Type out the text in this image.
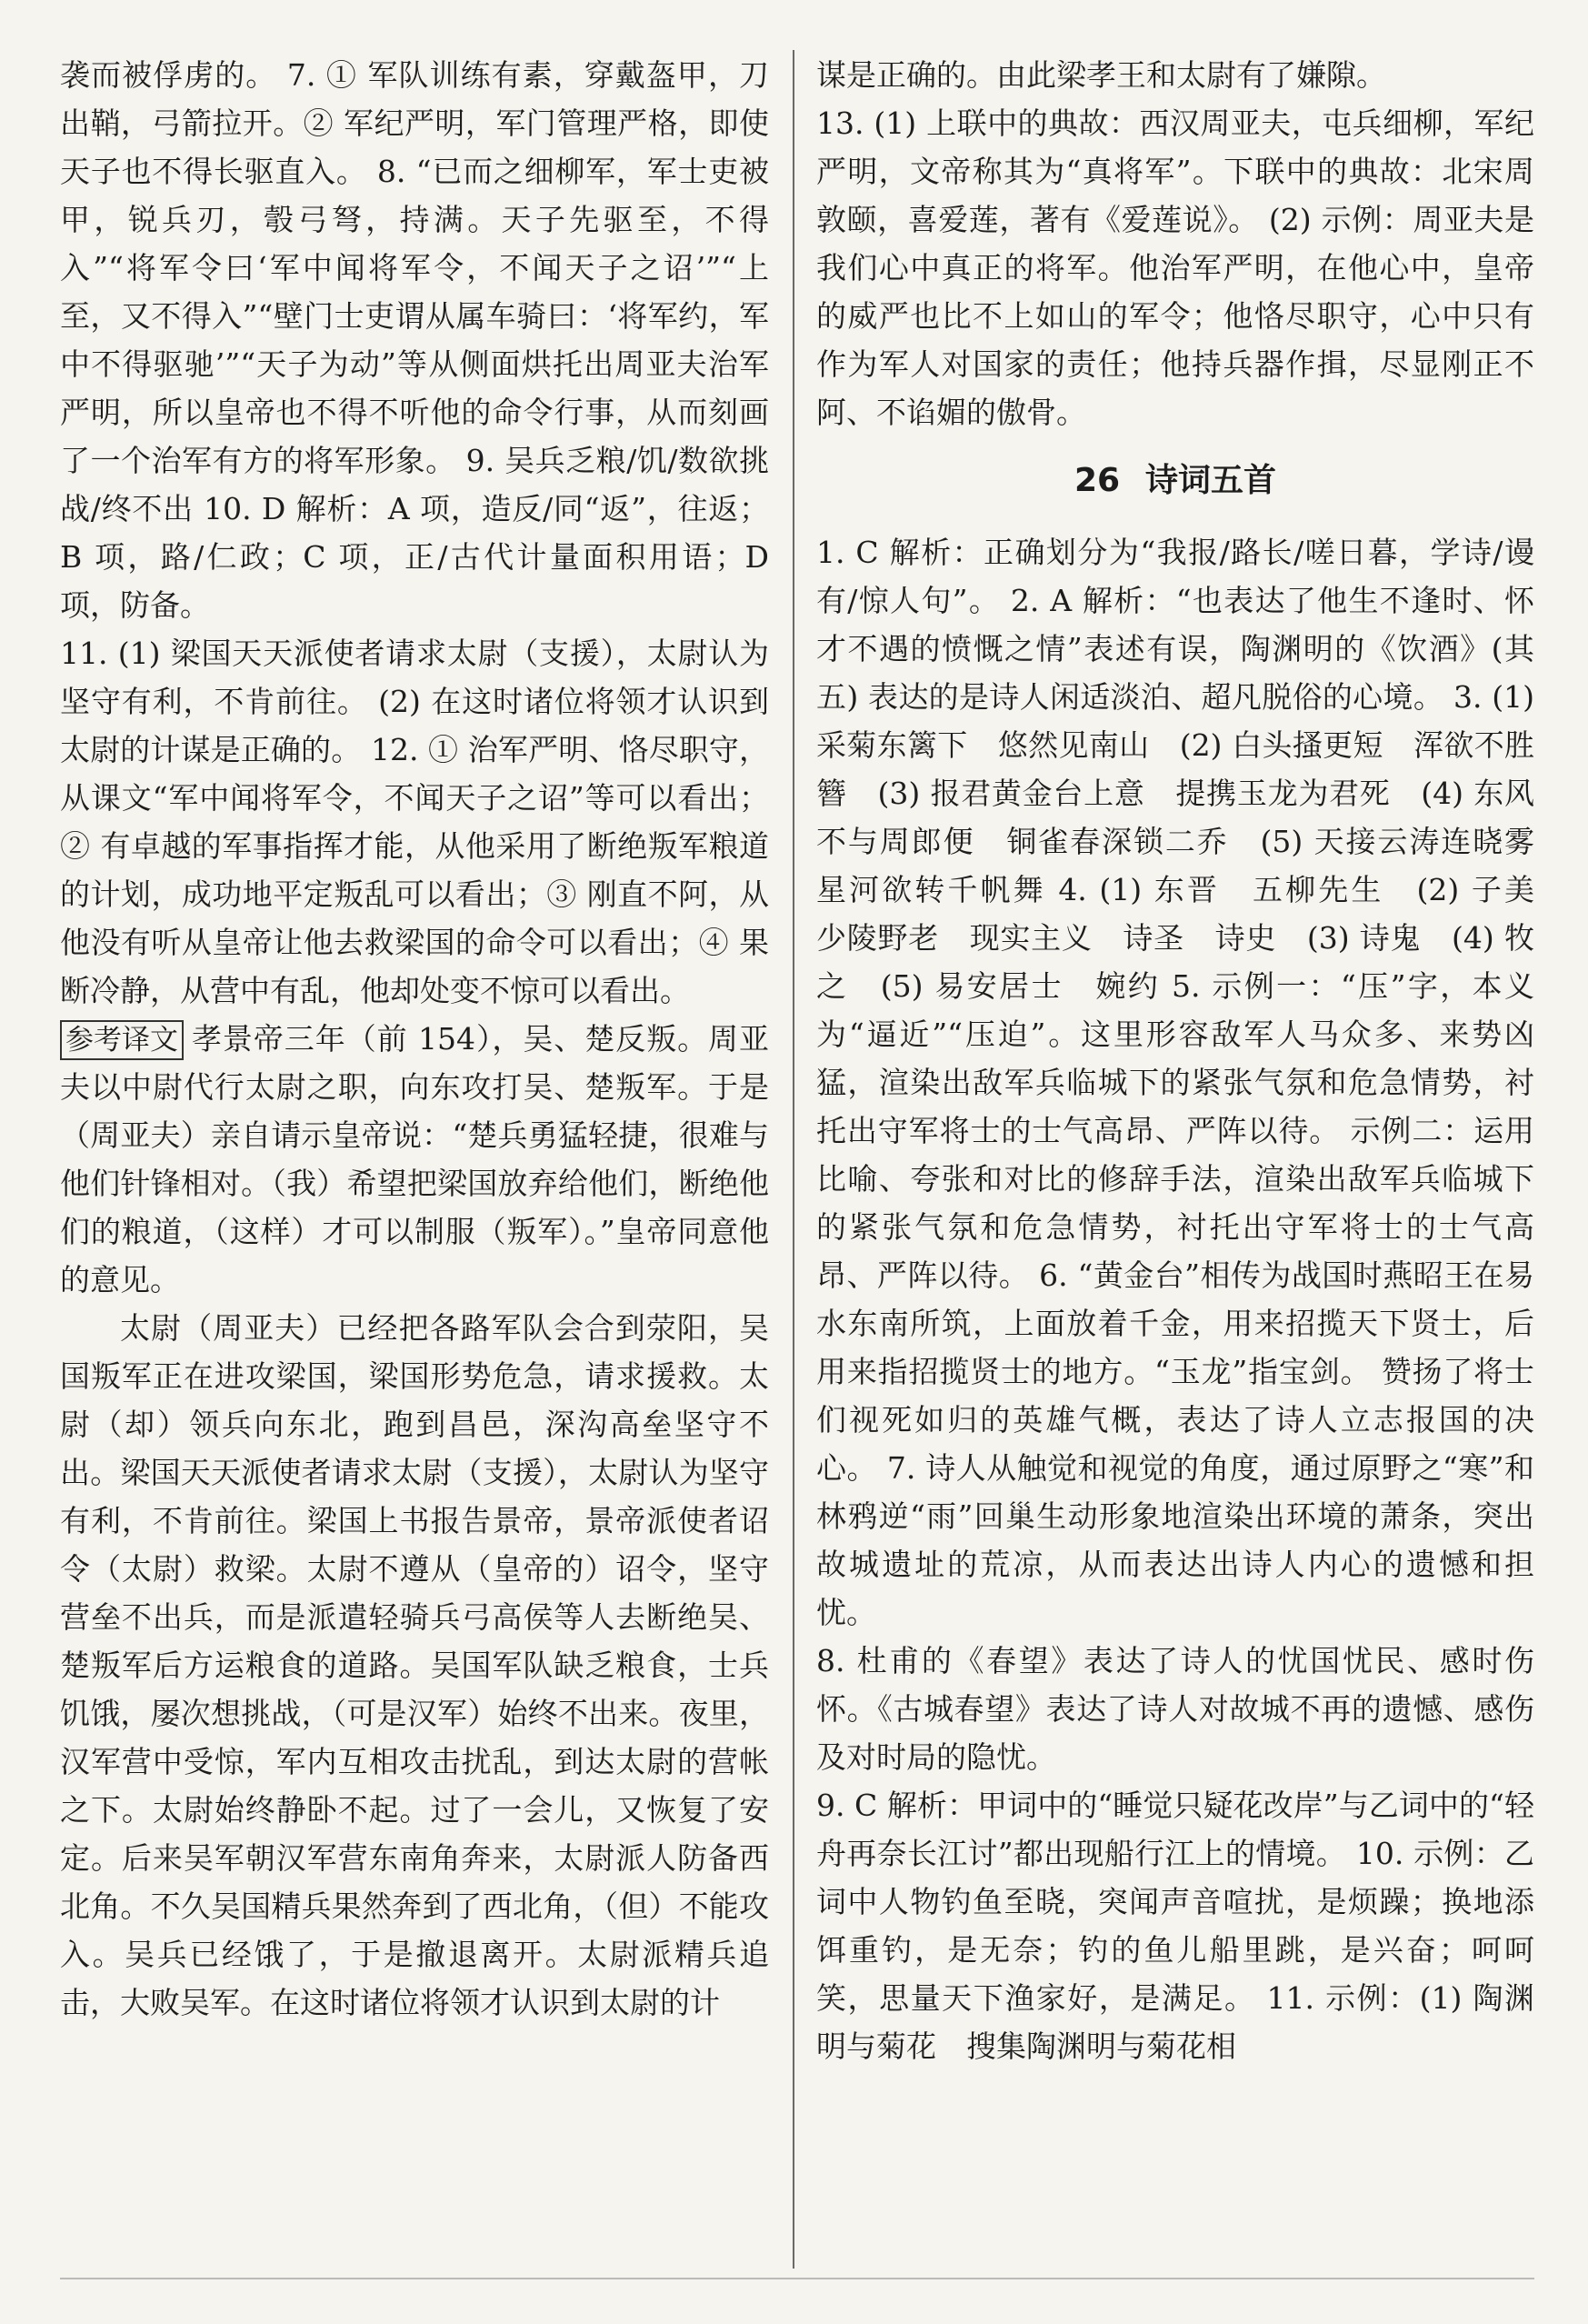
袭而被俘虏的。 7. ① 军队训练有素，穿戴盔甲，刀出鞘，弓箭拉开。② 军纪严明，军门管理严格，即使天子也不得长驱直入。 8. “已而之细柳军，军士吏被甲，锐兵刃，彀弓弩，持满。天子先驱至，不得入”“将军令曰‘军中闻将军令，不闻天子之诏’”“上至，又不得入”“壁门士吏谓从属车骑曰：‘将军约，军中不得驱驰’”“天子为动”等从侧面烘托出周亚夫治军严明，所以皇帝也不得不听他的命令行事，从而刻画了一个治军有方的将军形象。 9. 吴兵乏粮/饥/数欲挑战/终不出 10. D 解析：A 项，造反/同“返”，往返；B 项，路/仁政；C 项，正/古代计量面积用语；D 项，防备。

11. (1) 梁国天天派使者请求太尉（支援），太尉认为坚守有利，不肯前往。 (2) 在这时诸位将领才认识到太尉的计谋是正确的。 12. ① 治军严明、恪尽职守，从课文“军中闻将军令，不闻天子之诏”等可以看出；② 有卓越的军事指挥才能，从他采用了断绝叛军粮道的计划，成功地平定叛乱可以看出；③ 刚直不阿，从他没有听从皇帝让他去救梁国的命令可以看出；④ 果断冷静，从营中有乱，他却处变不惊可以看出。

参考译文 孝景帝三年（前 154），吴、楚反叛。周亚夫以中尉代行太尉之职，向东攻打吴、楚叛军。于是（周亚夫）亲自请示皇帝说：“楚兵勇猛轻捷，很难与他们针锋相对。（我）希望把梁国放弃给他们，断绝他们的粮道，（这样）才可以制服（叛军）。”皇帝同意他的意见。

太尉（周亚夫）已经把各路军队会合到荥阳，吴国叛军正在进攻梁国，梁国形势危急，请求援救。太尉（却）领兵向东北，跑到昌邑，深沟高垒坚守不出。梁国天天派使者请求太尉（支援），太尉认为坚守有利，不肯前往。梁国上书报告景帝，景帝派使者诏令（太尉）救梁。太尉不遵从（皇帝的）诏令，坚守营垒不出兵，而是派遣轻骑兵弓高侯等人去断绝吴、楚叛军后方运粮食的道路。吴国军队缺乏粮食，士兵饥饿，屡次想挑战，（可是汉军）始终不出来。夜里，汉军营中受惊，军内互相攻击扰乱，到达太尉的营帐之下。太尉始终静卧不起。过了一会儿，又恢复了安定。后来吴军朝汉军营东南角奔来，太尉派人防备西北角。不久吴国精兵果然奔到了西北角，（但）不能攻入。吴兵已经饿了，于是撤退离开。太尉派精兵追击，大败吴军。在这时诸位将领才认识到太尉的计

谋是正确的。由此梁孝王和太尉有了嫌隙。

13. (1) 上联中的典故：西汉周亚夫，屯兵细柳，军纪严明，文帝称其为“真将军”。下联中的典故：北宋周敦颐，喜爱莲，著有《爱莲说》。 (2) 示例：周亚夫是我们心中真正的将军。他治军严明，在他心中，皇帝的威严也比不上如山的军令；他恪尽职守，心中只有作为军人对国家的责任；他持兵器作揖，尽显刚正不阿、不谄媚的傲骨。

26 诗词五首

1. C 解析：正确划分为“我报/路长/嗟日暮，学诗/谩有/惊人句”。 2. A 解析：“也表达了他生不逢时、怀才不遇的愤慨之情”表述有误，陶渊明的《饮酒》(其五) 表达的是诗人闲适淡泊、超凡脱俗的心境。 3. (1) 采菊东篱下　悠然见南山　(2) 白头搔更短　浑欲不胜簪　(3) 报君黄金台上意　提携玉龙为君死　(4) 东风不与周郎便　铜雀春深锁二乔　(5) 天接云涛连晓雾　星河欲转千帆舞 4. (1) 东晋　五柳先生　(2) 子美　少陵野老　现实主义　诗圣　诗史　(3) 诗鬼　(4) 牧之　(5) 易安居士　婉约 5. 示例一：“压”字，本义为“逼近”“压迫”。这里形容敌军人马众多、来势凶猛，渲染出敌军兵临城下的紧张气氛和危急情势，衬托出守军将士的士气高昂、严阵以待。 示例二：运用比喻、夸张和对比的修辞手法，渲染出敌军兵临城下的紧张气氛和危急情势，衬托出守军将士的士气高昂、严阵以待。 6. “黄金台”相传为战国时燕昭王在易水东南所筑，上面放着千金，用来招揽天下贤士，后用来指招揽贤士的地方。“玉龙”指宝剑。 赞扬了将士们视死如归的英雄气概，表达了诗人立志报国的决心。 7. 诗人从触觉和视觉的角度，通过原野之“寒”和林鸦逆“雨”回巢生动形象地渲染出环境的萧条，突出故城遗址的荒凉，从而表达出诗人内心的遗憾和担忧。

8. 杜甫的《春望》表达了诗人的忧国忧民、感时伤怀。《古城春望》表达了诗人对故城不再的遗憾、感伤及对时局的隐忧。

9. C 解析：甲词中的“睡觉只疑花改岸”与乙词中的“轻舟再奈长江讨”都出现船行江上的情境。 10. 示例：乙词中人物钓鱼至晓，突闻声音喧扰，是烦躁；换地添饵重钓，是无奈；钓的鱼儿船里跳，是兴奋；呵呵笑，思量天下渔家好，是满足。 11. 示例：(1) 陶渊明与菊花　搜集陶渊明与菊花相
